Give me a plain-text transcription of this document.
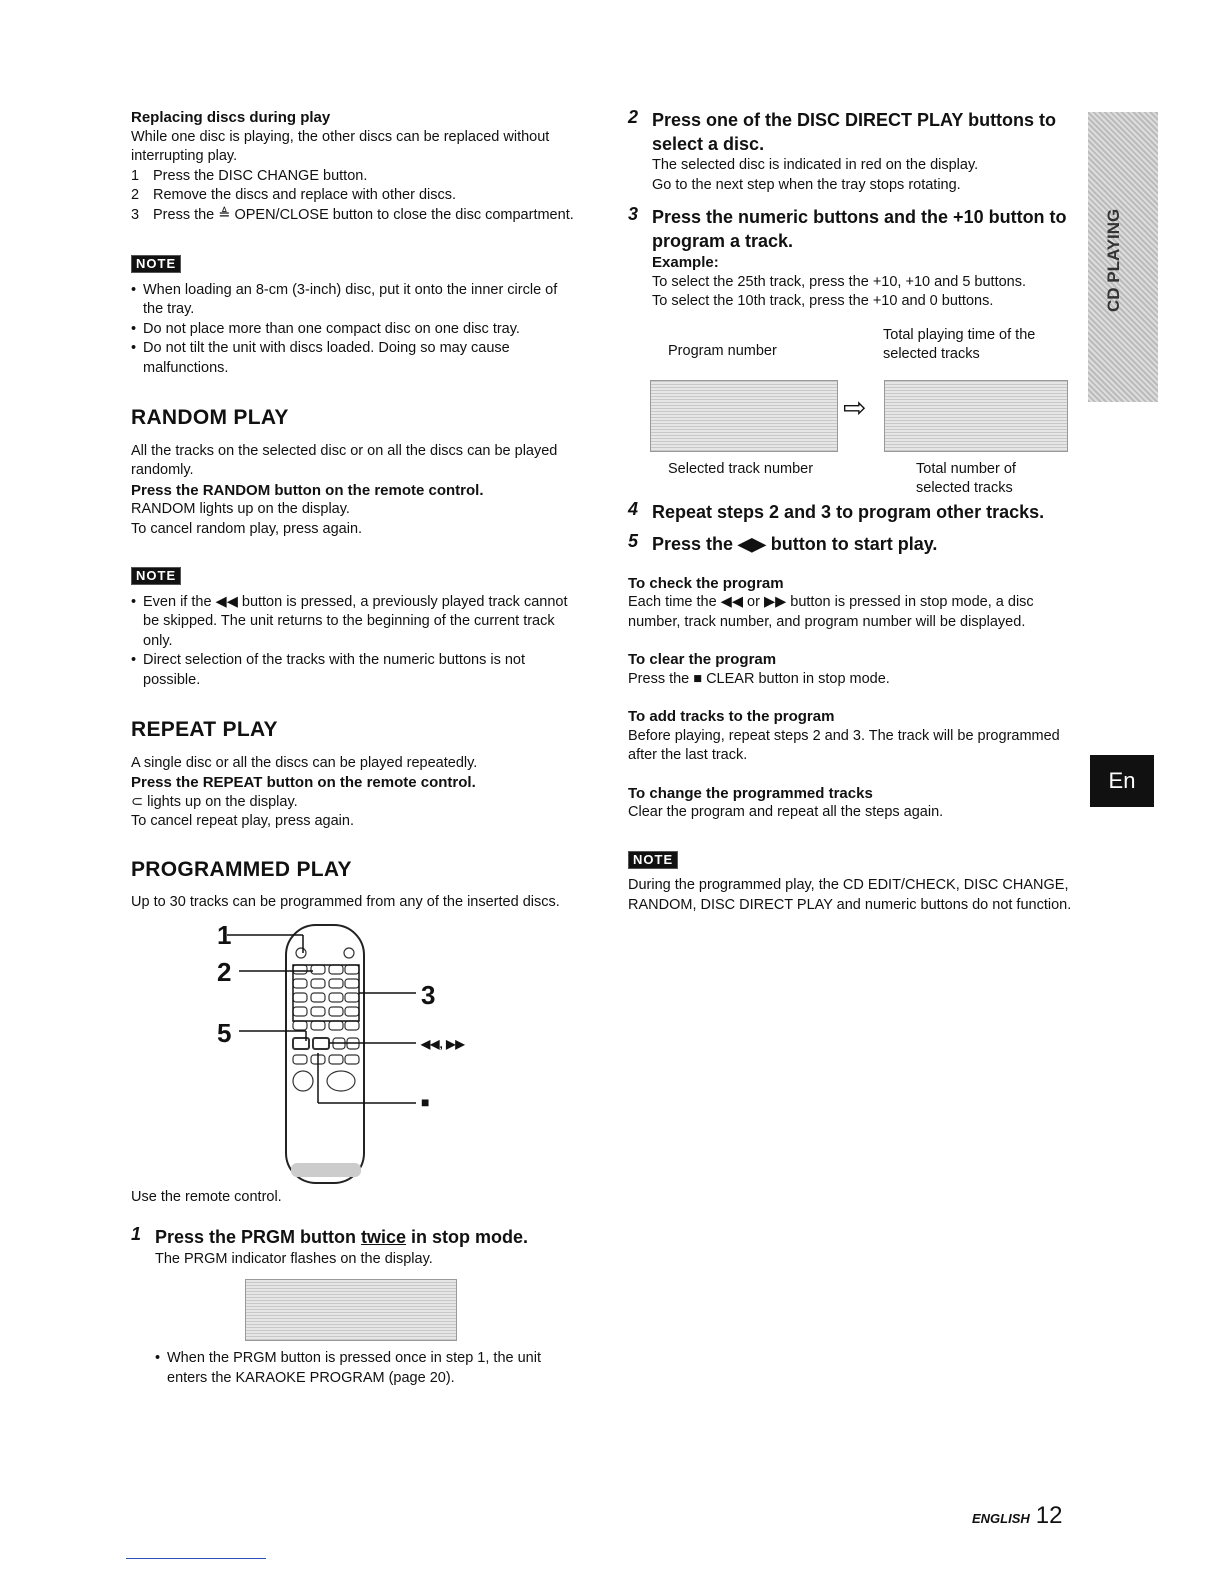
CD PLAYING
En

Replacing discs during play

While one disc is playing, the other discs can be replaced without interrupting play.

1 Press the DISC CHANGE button.
2 Remove the discs and replace with other discs.
3 Press the ≜ OPEN/CLOSE button to close the disc compartment.
NOTE
• When loading an 8-cm (3-inch) disc, put it onto the inner circle of the tray.
• Do not place more than one compact disc on one disc tray.
• Do not tilt the unit with discs loaded. Doing so may cause malfunctions.
RANDOM PLAY

All the tracks on the selected disc or on all the discs can be played randomly.

Press the RANDOM button on the remote control.

RANDOM lights up on the display.

To cancel random play, press again.

NOTE
• Even if the ◀◀ button is pressed, a previously played track cannot be skipped. The unit returns to the beginning of the current track only.
• Direct selection of the tracks with the numeric buttons is not possible.
REPEAT PLAY

A single disc or all the discs can be played repeatedly.

Press the REPEAT button on the remote control.

⊂ lights up on the display.

To cancel repeat play, press again.

PROGRAMMED PLAY

Up to 30 tracks can be programmed from any of the inserted discs.

1
2
3
5	◀◀, ▶▶
■

Use the remote control.

1 Press the PRGM button twice in stop mode.

The PRGM indicator flashes on the display.

• When the PRGM button is pressed once in step 1, the unit enters the KARAOKE PROGRAM (page 20).
2 Press one of the DISC DIRECT PLAY buttons to select a disc.

The selected disc is indicated in red on the display.

Go to the next step when the tray stops rotating.

3 Press the numeric buttons and the +10 button to program a track.

Example:

To select the 25th track, press the +10, +10 and 5 buttons.

To select the 10th track, press the +10 and 0 buttons.

Program number
Total playing time of the selected tracks
⇨
Selected track number	Total number of selected tracks
4 Repeat steps 2 and 3 to program other tracks.
5 Press the ◀▶ button to start play.

To check the program

Each time the ◀◀ or ▶▶ button is pressed in stop mode, a disc number, track number, and program number will be displayed.

To clear the program

Press the ■ CLEAR button in stop mode.

To add tracks to the program

Before playing, repeat steps 2 and 3. The track will be programmed after the last track.

To change the programmed tracks

Clear the program and repeat all the steps again.

NOTE

During the programmed play, the CD EDIT/CHECK, DISC CHANGE, RANDOM, DISC DIRECT PLAY and numeric buttons do not function.

ENGLISH 12
